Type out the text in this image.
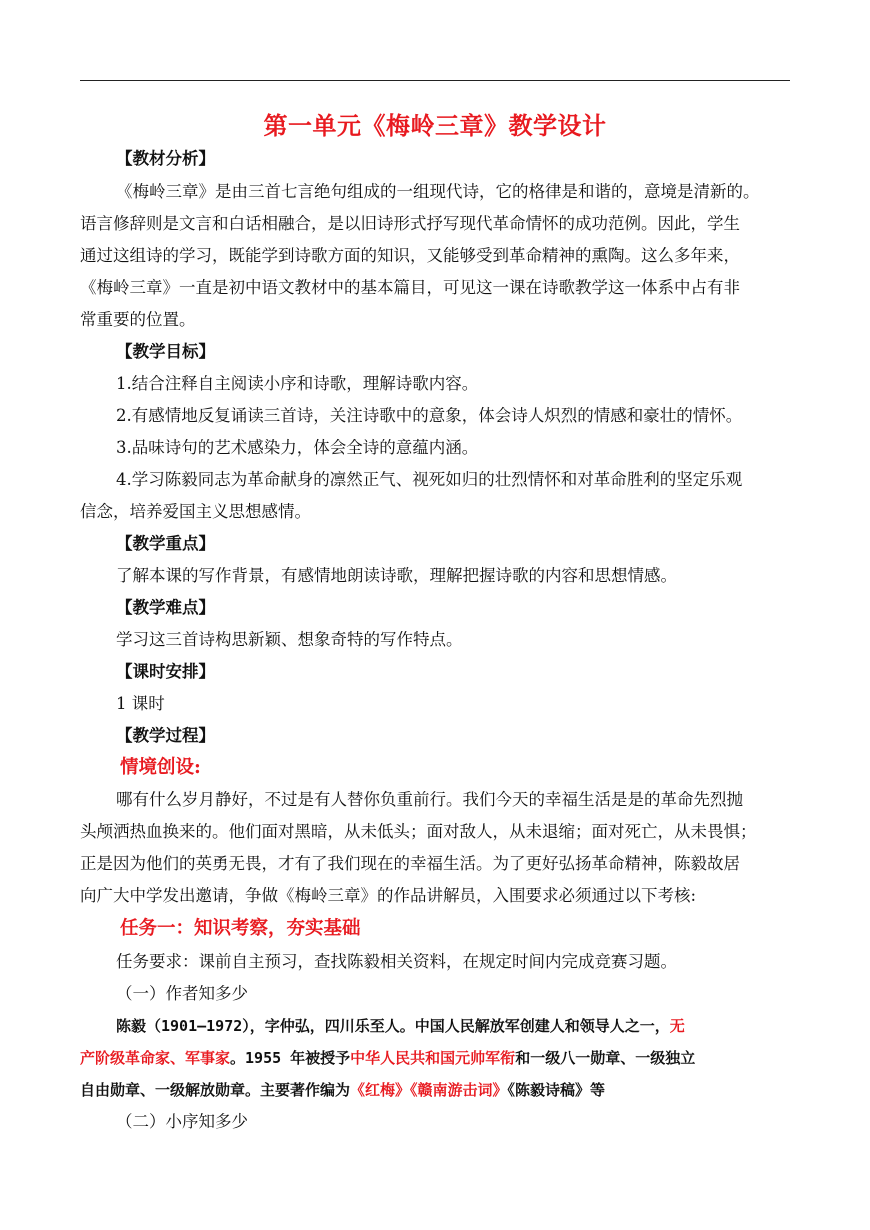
第一单元《梅岭三章》教学设计
【教材分析】
《梅岭三章》是由三首七言绝句组成的一组现代诗，它的格律是和谐的，意境是清新的。
语言修辞则是文言和白话相融合，是以旧诗形式抒写现代革命情怀的成功范例。因此，学生
通过这组诗的学习，既能学到诗歌方面的知识，又能够受到革命精神的熏陶。这么多年来，
《梅岭三章》一直是初中语文教材中的基本篇目，可见这一课在诗歌教学这一体系中占有非
常重要的位置。
【教学目标】
1.结合注释自主阅读小序和诗歌，理解诗歌内容。
2.有感情地反复诵读三首诗，关注诗歌中的意象，体会诗人炽烈的情感和豪壮的情怀。
3.品味诗句的艺术感染力，体会全诗的意蕴内涵。
4.学习陈毅同志为革命献身的凛然正气、视死如归的壮烈情怀和对革命胜利的坚定乐观
信念，培养爱国主义思想感情。
【教学重点】
了解本课的写作背景，有感情地朗读诗歌，理解把握诗歌的内容和思想情感。
【教学难点】
学习这三首诗构思新颖、想象奇特的写作特点。
【课时安排】
1 课时
【教学过程】
情境创设:
哪有什么岁月静好，不过是有人替你负重前行。我们今天的幸福生活是是的革命先烈抛
头颅洒热血换来的。他们面对黑暗，从未低头；面对敌人，从未退缩；面对死亡，从未畏惧；
正是因为他们的英勇无畏，才有了我们现在的幸福生活。为了更好弘扬革命精神，陈毅故居
向广大中学发出邀请，争做《梅岭三章》的作品讲解员，入围要求必须通过以下考核:
任务一：知识考察，夯实基础
任务要求：课前自主预习，查找陈毅相关资料，在规定时间内完成竞赛习题。
（一）作者知多少
陈毅（1901—1972），字仲弘，四川乐至人。中国人民解放军创建人和领导人之一，无
产阶级革命家、军事家。1955 年被授予中华人民共和国元帅军衔和一级八一勋章、一级独立
自由勋章、一级解放勋章。主要著作编为《红梅》《赣南游击词》《陈毅诗稿》等
（二）小序知多少
